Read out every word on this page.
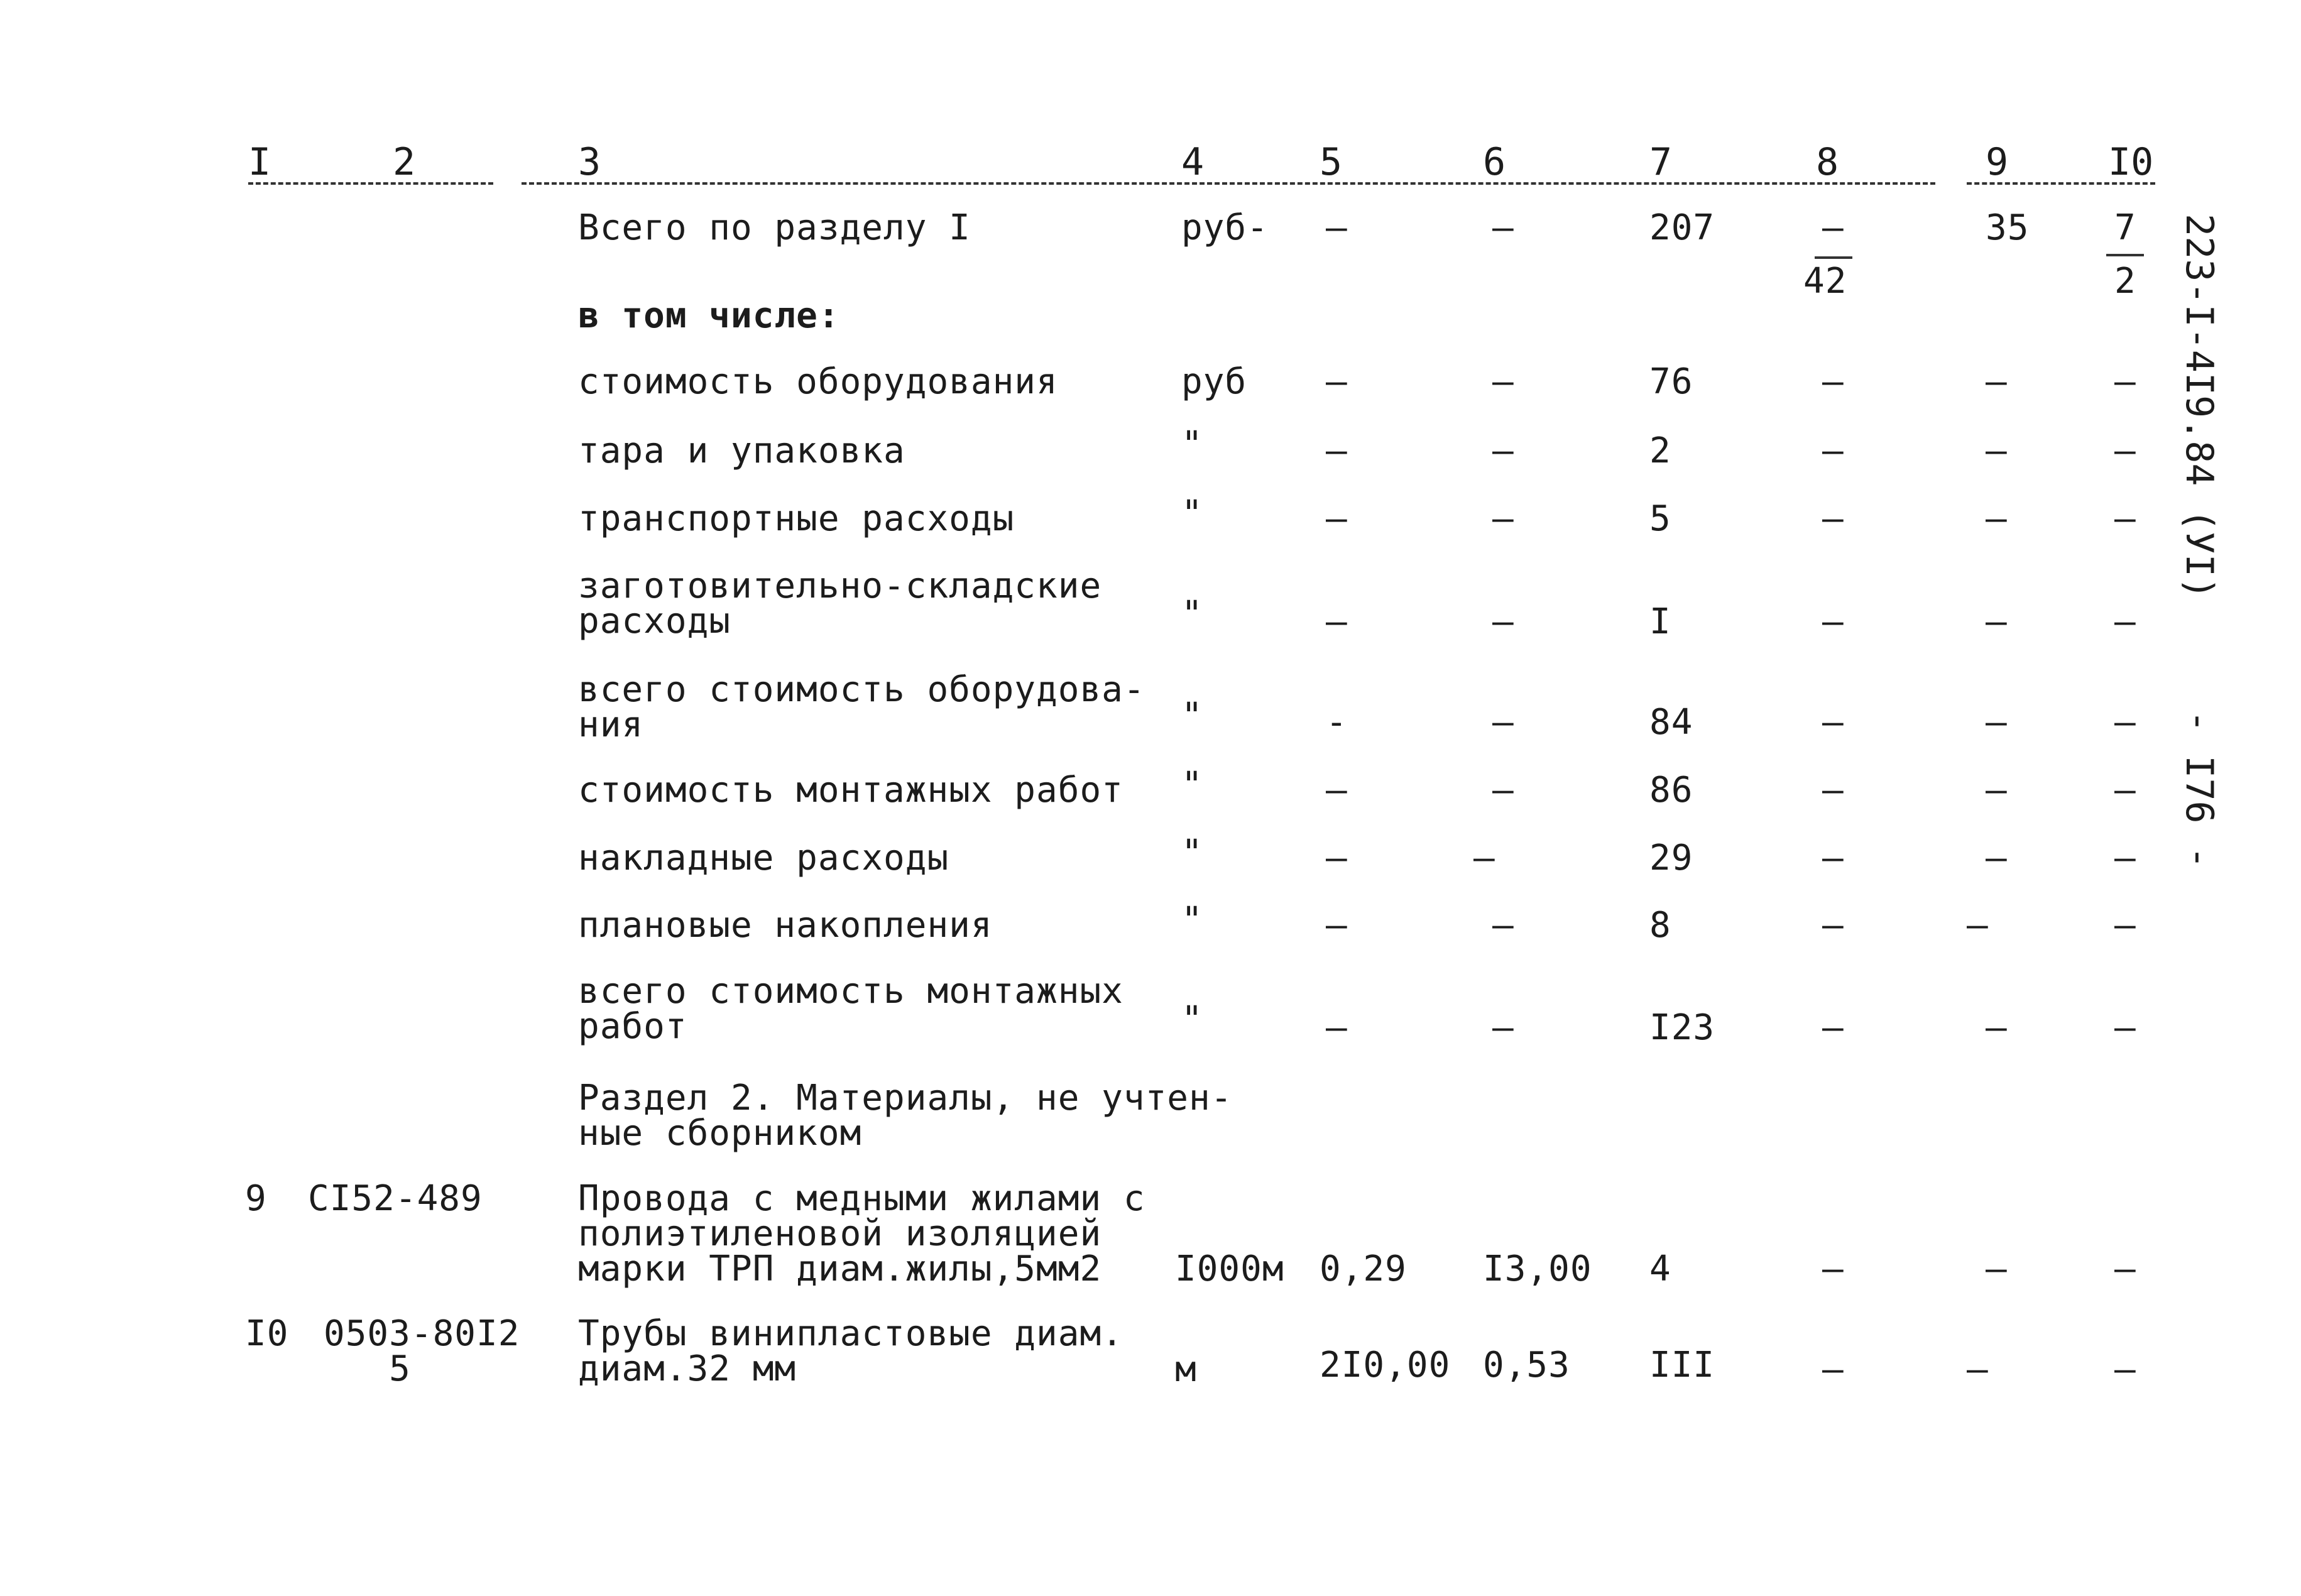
I	2	3	4	5	6	7	8	9	I0
Всего по разделу I	руб- –	–	207	–
42
35 7
2
в том числе:
стоимость оборудования	руб –	–	76	–	–	–
тара и упаковка	"	–	–	2	–	–	–
транспортные расходы	"	–	–	5	–	–	–
заготовительно-складские
расходы	"	–	–	I	–	–	–
всего стоимость оборудова-
ния	"	-	–	84	–	–	–
стоимость монтажных работ "	–	–	86	–	–	–
накладные расходы	"	–	–	29	–	–	–
плановые накопления	"	–	–	8	–	–	–
всего стоимость монтажных
работ	"	–	–	I23	–	–	–
Раздел 2. Материалы, не учтен-
ные сборником
9 CI52-489	Провода с медными жилами с
полиэтиленовой изоляцией
марки ТРП диам.жилы,5мм2	I000м 0,29 I3,00 4	–	–	–
I0 0503-80I2
5
Трубы винипластовые диам.
диам.32 мм	м	2I0,00 0,53 III	–	–	–
223-I-4I9.84 (УI)
- I76 -
